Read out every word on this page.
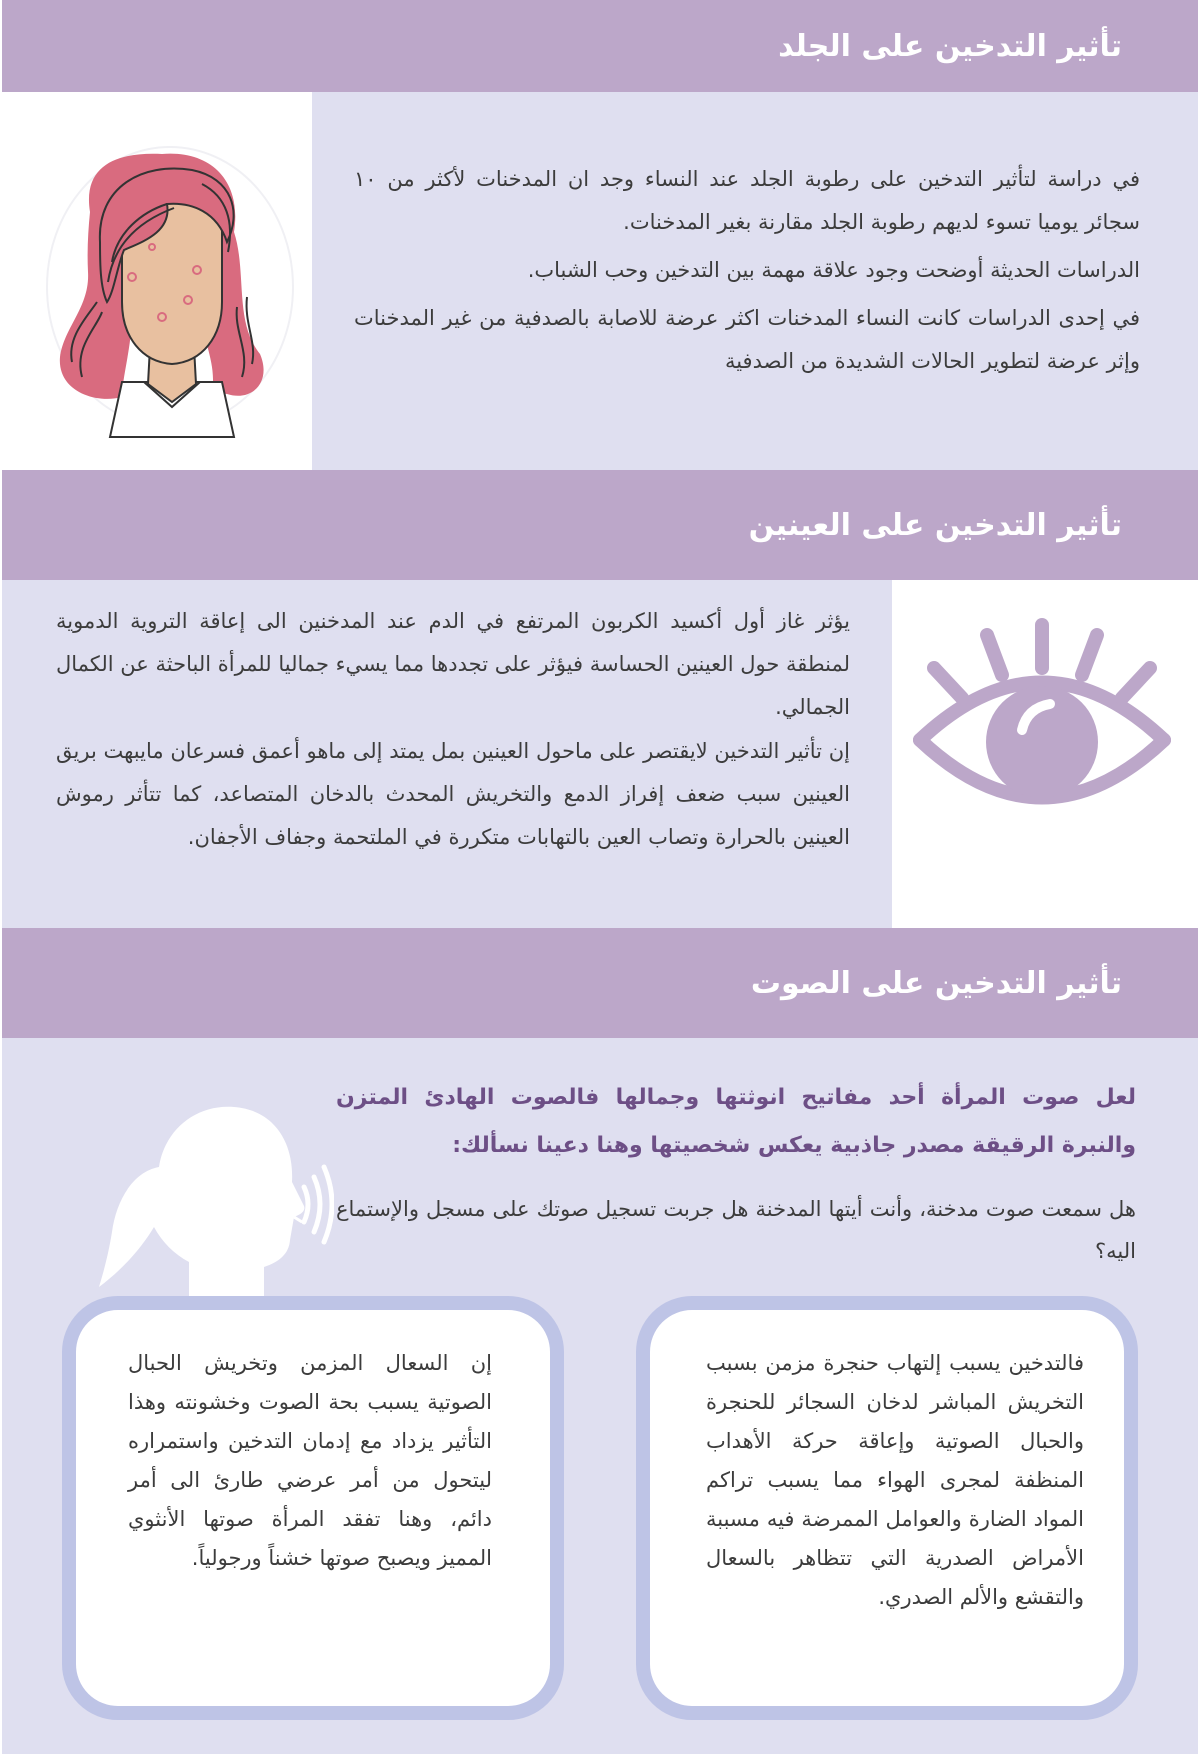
تأثير التدخين على الجلد

في دراسة لتأثير التدخين على رطوبة الجلد عند النساء وجد ان المدخنات لأكثر من ١٠ سجائر يوميا تسوء لديهم رطوبة الجلد مقارنة بغير المدخنات.

الدراسات الحديثة أوضحت وجود علاقة مهمة بين التدخين وحب الشباب.

في إحدى الدراسات كانت النساء المدخنات اكثر عرضة للاصابة بالصدفية من غير المدخنات وإثر عرضة لتطوير الحالات الشديدة من الصدفية

تأثير التدخين على العينين

يؤثر غاز أول أكسيد الكربون المرتفع في الدم عند المدخنين الى إعاقة التروية الدموية لمنطقة حول العينين الحساسة فيؤثر على تجددها مما يسيء جماليا للمرأة الباحثة عن الكمال الجمالي.

إن تأثير التدخين لايقتصر على ماحول العينين بمل يمتد إلى ماهو أعمق فسرعان مايبهت بريق العينين سبب ضعف إفراز الدمع والتخريش المحدث بالدخان المتصاعد، كما تتأثر رموش العينين بالحرارة وتصاب العين بالتهابات متكررة في الملتحمة وجفاف الأجفان.

تأثير التدخين على الصوت

لعل صوت المرأة أحد مفاتيح انوثتها وجمالها فالصوت الهادئ المتزن والنبرة الرقيقة مصدر جاذبية يعكس شخصيتها وهنا دعينا نسألك:

هل سمعت صوت مدخنة، وأنت أيتها المدخنة هل جربت تسجيل صوتك على مسجل والإستماع اليه؟

فالتدخين يسبب إلتهاب حنجرة مزمن بسبب التخريش المباشر لدخان السجائر للحنجرة والحبال الصوتية وإعاقة حركة الأهداب المنظفة لمجرى الهواء مما يسبب تراكم المواد الضارة والعوامل الممرضة فيه مسببة الأمراض الصدرية التي تتظاهر بالسعال والتقشع والألم الصدري.

إن السعال المزمن وتخريش الحبال الصوتية يسبب بحة الصوت وخشونته وهذا التأثير يزداد مع إدمان التدخين واستمراره ليتحول من أمر عرضي طارئ الى أمر دائم، وهنا تفقد المرأة صوتها الأنثوي المميز ويصبح صوتها خشناً ورجولياً.
